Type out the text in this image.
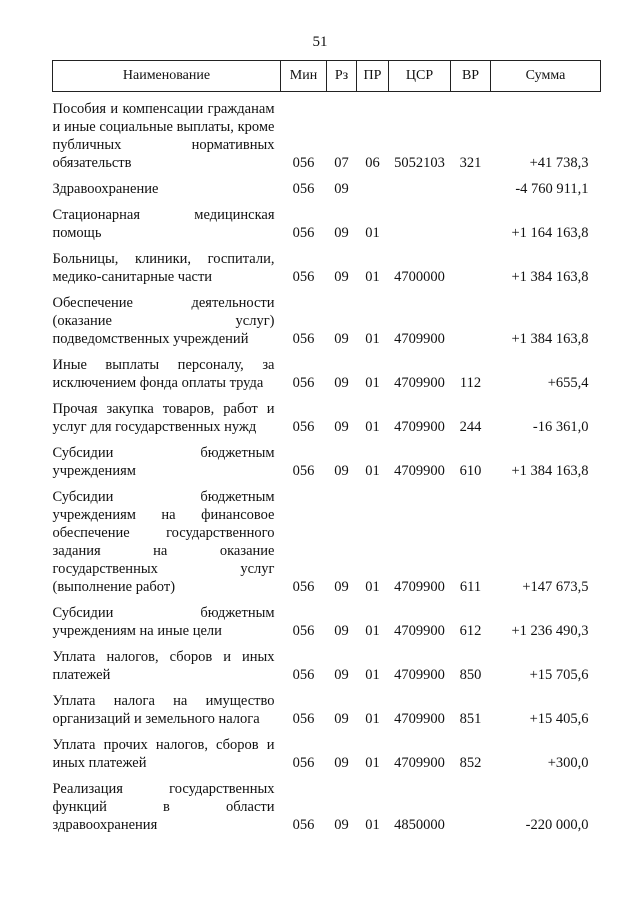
51
Наименование	Мин	Рз	ПР	ЦСР	ВР	Сумма

Пособия и компенсации гражданам и иные социальные выплаты, кроме публичных нормативных обязательств	056	07	06	5052103	321	+41 738,3

Здравоохранение	056	09				-4 760 911,1

Стационарная медицинская помощь	056	09	01			+1 164 163,8

Больницы, клиники, госпитали, медико-санитарные части	056	09	01	4700000		+1 384 163,8

Обеспечение деятельности (оказание услуг) подведомственных учреждений	056	09	01	4709900		+1 384 163,8

Иные выплаты персоналу, за исключением фонда оплаты труда	056	09	01	4709900	112	+655,4

Прочая закупка товаров, работ и услуг для государственных нужд	056	09	01	4709900	244	-16 361,0

Субсидии бюджетным учреждениям	056	09	01	4709900	610	+1 384 163,8

Субсидии бюджетным учреждениям на финансовое обеспечение государственного задания на оказание государственных услуг (выполнение работ)	056	09	01	4709900	611	+147 673,5

Субсидии бюджетным учреждениям на иные цели	056	09	01	4709900	612	+1 236 490,3

Уплата налогов, сборов и иных платежей	056	09	01	4709900	850	+15 705,6

Уплата налога на имущество организаций и земельного налога	056	09	01	4709900	851	+15 405,6

Уплата прочих налогов, сборов и иных платежей	056	09	01	4709900	852	+300,0

Реализация государственных функций в области здравоохранения	056	09	01	4850000		-220 000,0
